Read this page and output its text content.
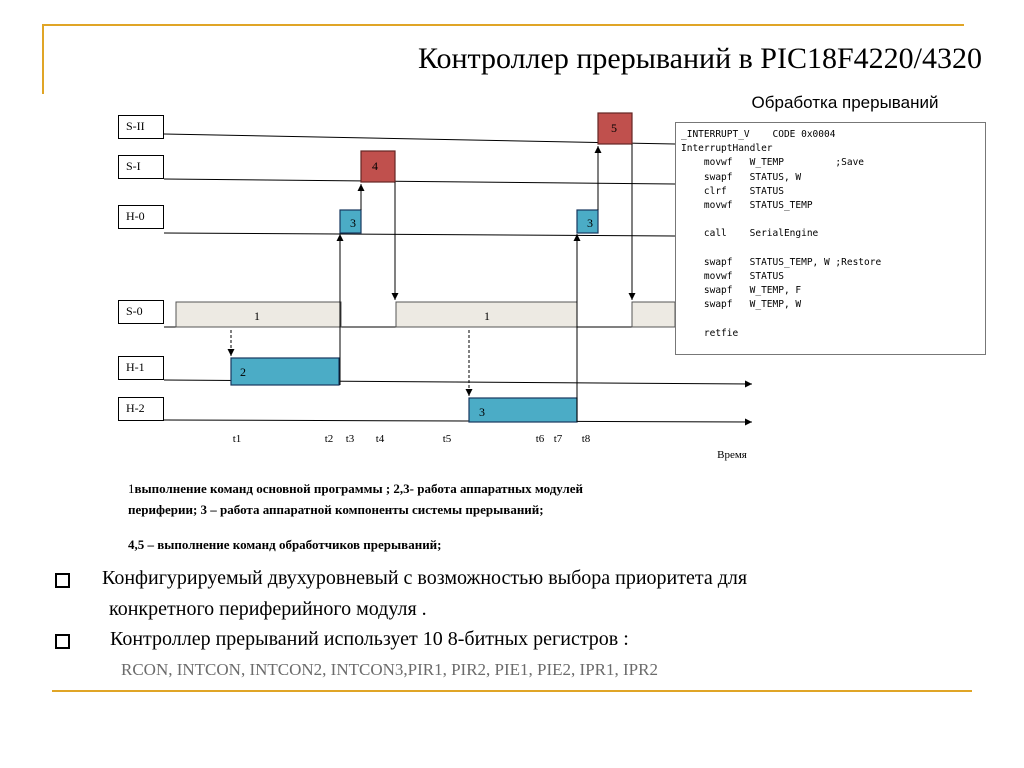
Контроллер прерываний в PIC18F4220/4320
Обработка прерываний
1	1
2
3
3	3
4
5
t1	t2 t3 t4	t5	t6 t7 t8
Время
S-II
S-I
H-0
S-0
H-1
H-2
_INTERRUPT_V    CODE 0x0004
InterruptHandler
movwf   W_TEMP         ;Save
swapf   STATUS, W
clrf    STATUS
movwf   STATUS_TEMP
call    SerialEngine
swapf   STATUS_TEMP, W ;Restore
movwf   STATUS
swapf   W_TEMP, F
swapf   W_TEMP, W
retfie
1выполнение команд основной программы ; 2,3- работа аппаратных модулей
периферии; 3 – работа аппаратной компоненты системы прерываний;
4,5 – выполнение команд обработчиков прерываний;
Конфигурируемый двухуровневый с возможностью выбора приоритета для
конкретного периферийного модуля .
Контроллер прерываний использует 10 8-битных регистров :
RCON, INTCON, INTCON2, INTCON3,PIR1, PIR2, PIE1, PIE2, IPR1, IPR2
